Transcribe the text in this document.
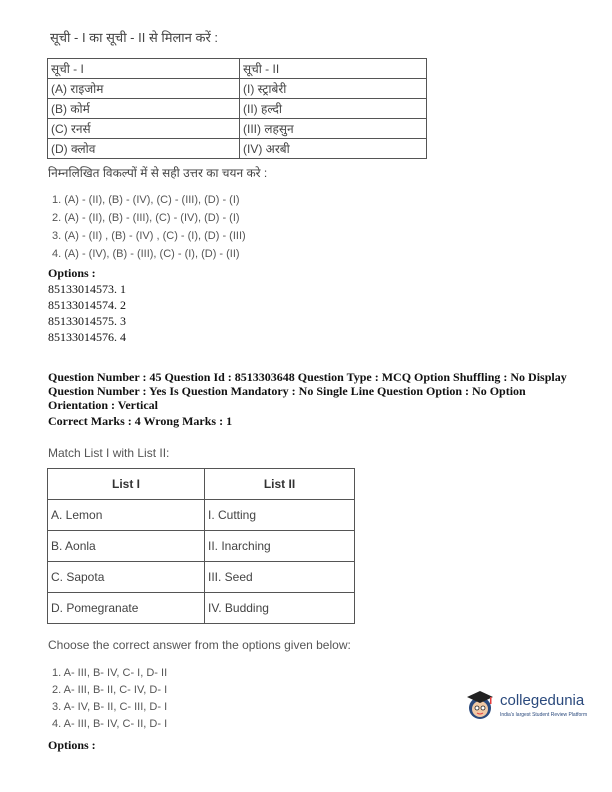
सूची - I का सूची - II से मिलान करें :
सूची - I	सूची - II
(A) राइजोम	(I) स्ट्राबेरी
(B) कोर्म	(II) हल्दी
(C) रनर्स	(III) लहसुन
(D) क्लोव	(IV) अरबी
निम्नलिखित विकल्पों में से सही उत्तर का चयन करे :
1. (A) - (II), (B) - (IV), (C) - (III), (D) - (I)
2. (A) - (II), (B) - (III), (C) - (IV), (D) - (I)
3. (A) - (II) , (B) - (IV) , (C) - (I), (D) - (III)
4. (A) - (IV), (B) - (III), (C) - (I), (D) - (II)
Options :
85133014573. 1
85133014574. 2
85133014575. 3
85133014576. 4
Question Number : 45 Question Id : 8513303648 Question Type : MCQ Option Shuffling : No Display
Question Number : Yes Is Question Mandatory : No Single Line Question Option : No Option
Orientation : Vertical
Correct Marks : 4 Wrong Marks : 1
Match List I with List II:
List I	List II
A. Lemon	I. Cutting
B. Aonla	II. Inarching
C. Sapota	III. Seed
D. Pomegranate	IV. Budding
Choose the correct answer from the options given below:
1. A- III, B- IV, C- I, D- II
2. A- III, B- II, C- IV, D- I
3. A- IV, B- II, C- III, D- I
4. A- III, B- IV, C- II, D- I
Options :
collegedunia
India's largest Student Review Platform
